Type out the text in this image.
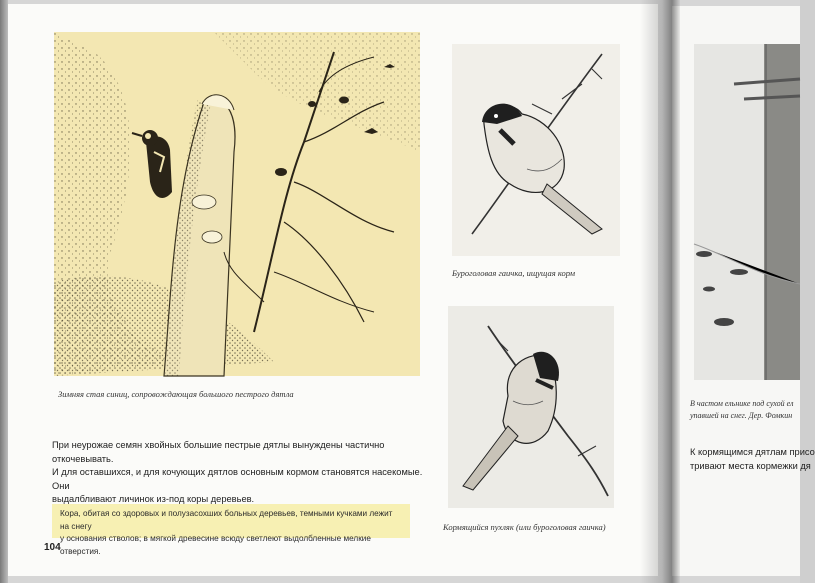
Зимняя стая синиц, сопровождающая большого пестрого дятла
Буроголовая гаичка, ищущая корм
Кормящийся пухляк (или буроголовая гаичка)

При неурожае семян хвойных большие пестрые дятлы вынуждены частично откочевывать.

И для оставшихся, и для кочующих дятлов основным кормом становятся насекомые. Они

выдалбливают личинок из-под коры деревьев.

Кора, обитая со здоровых и полузасохших больных деревьев, темными кучками лежит на снегу

у основания стволов; в мягкой древесине всюду светлеют выдолбленные мелкие отверстия.

104
В частом ельнике под сухой ел
упавшей на снег. Дер. Фомкин
К кормящимся дятлам присо
тривают места кормежки дя
